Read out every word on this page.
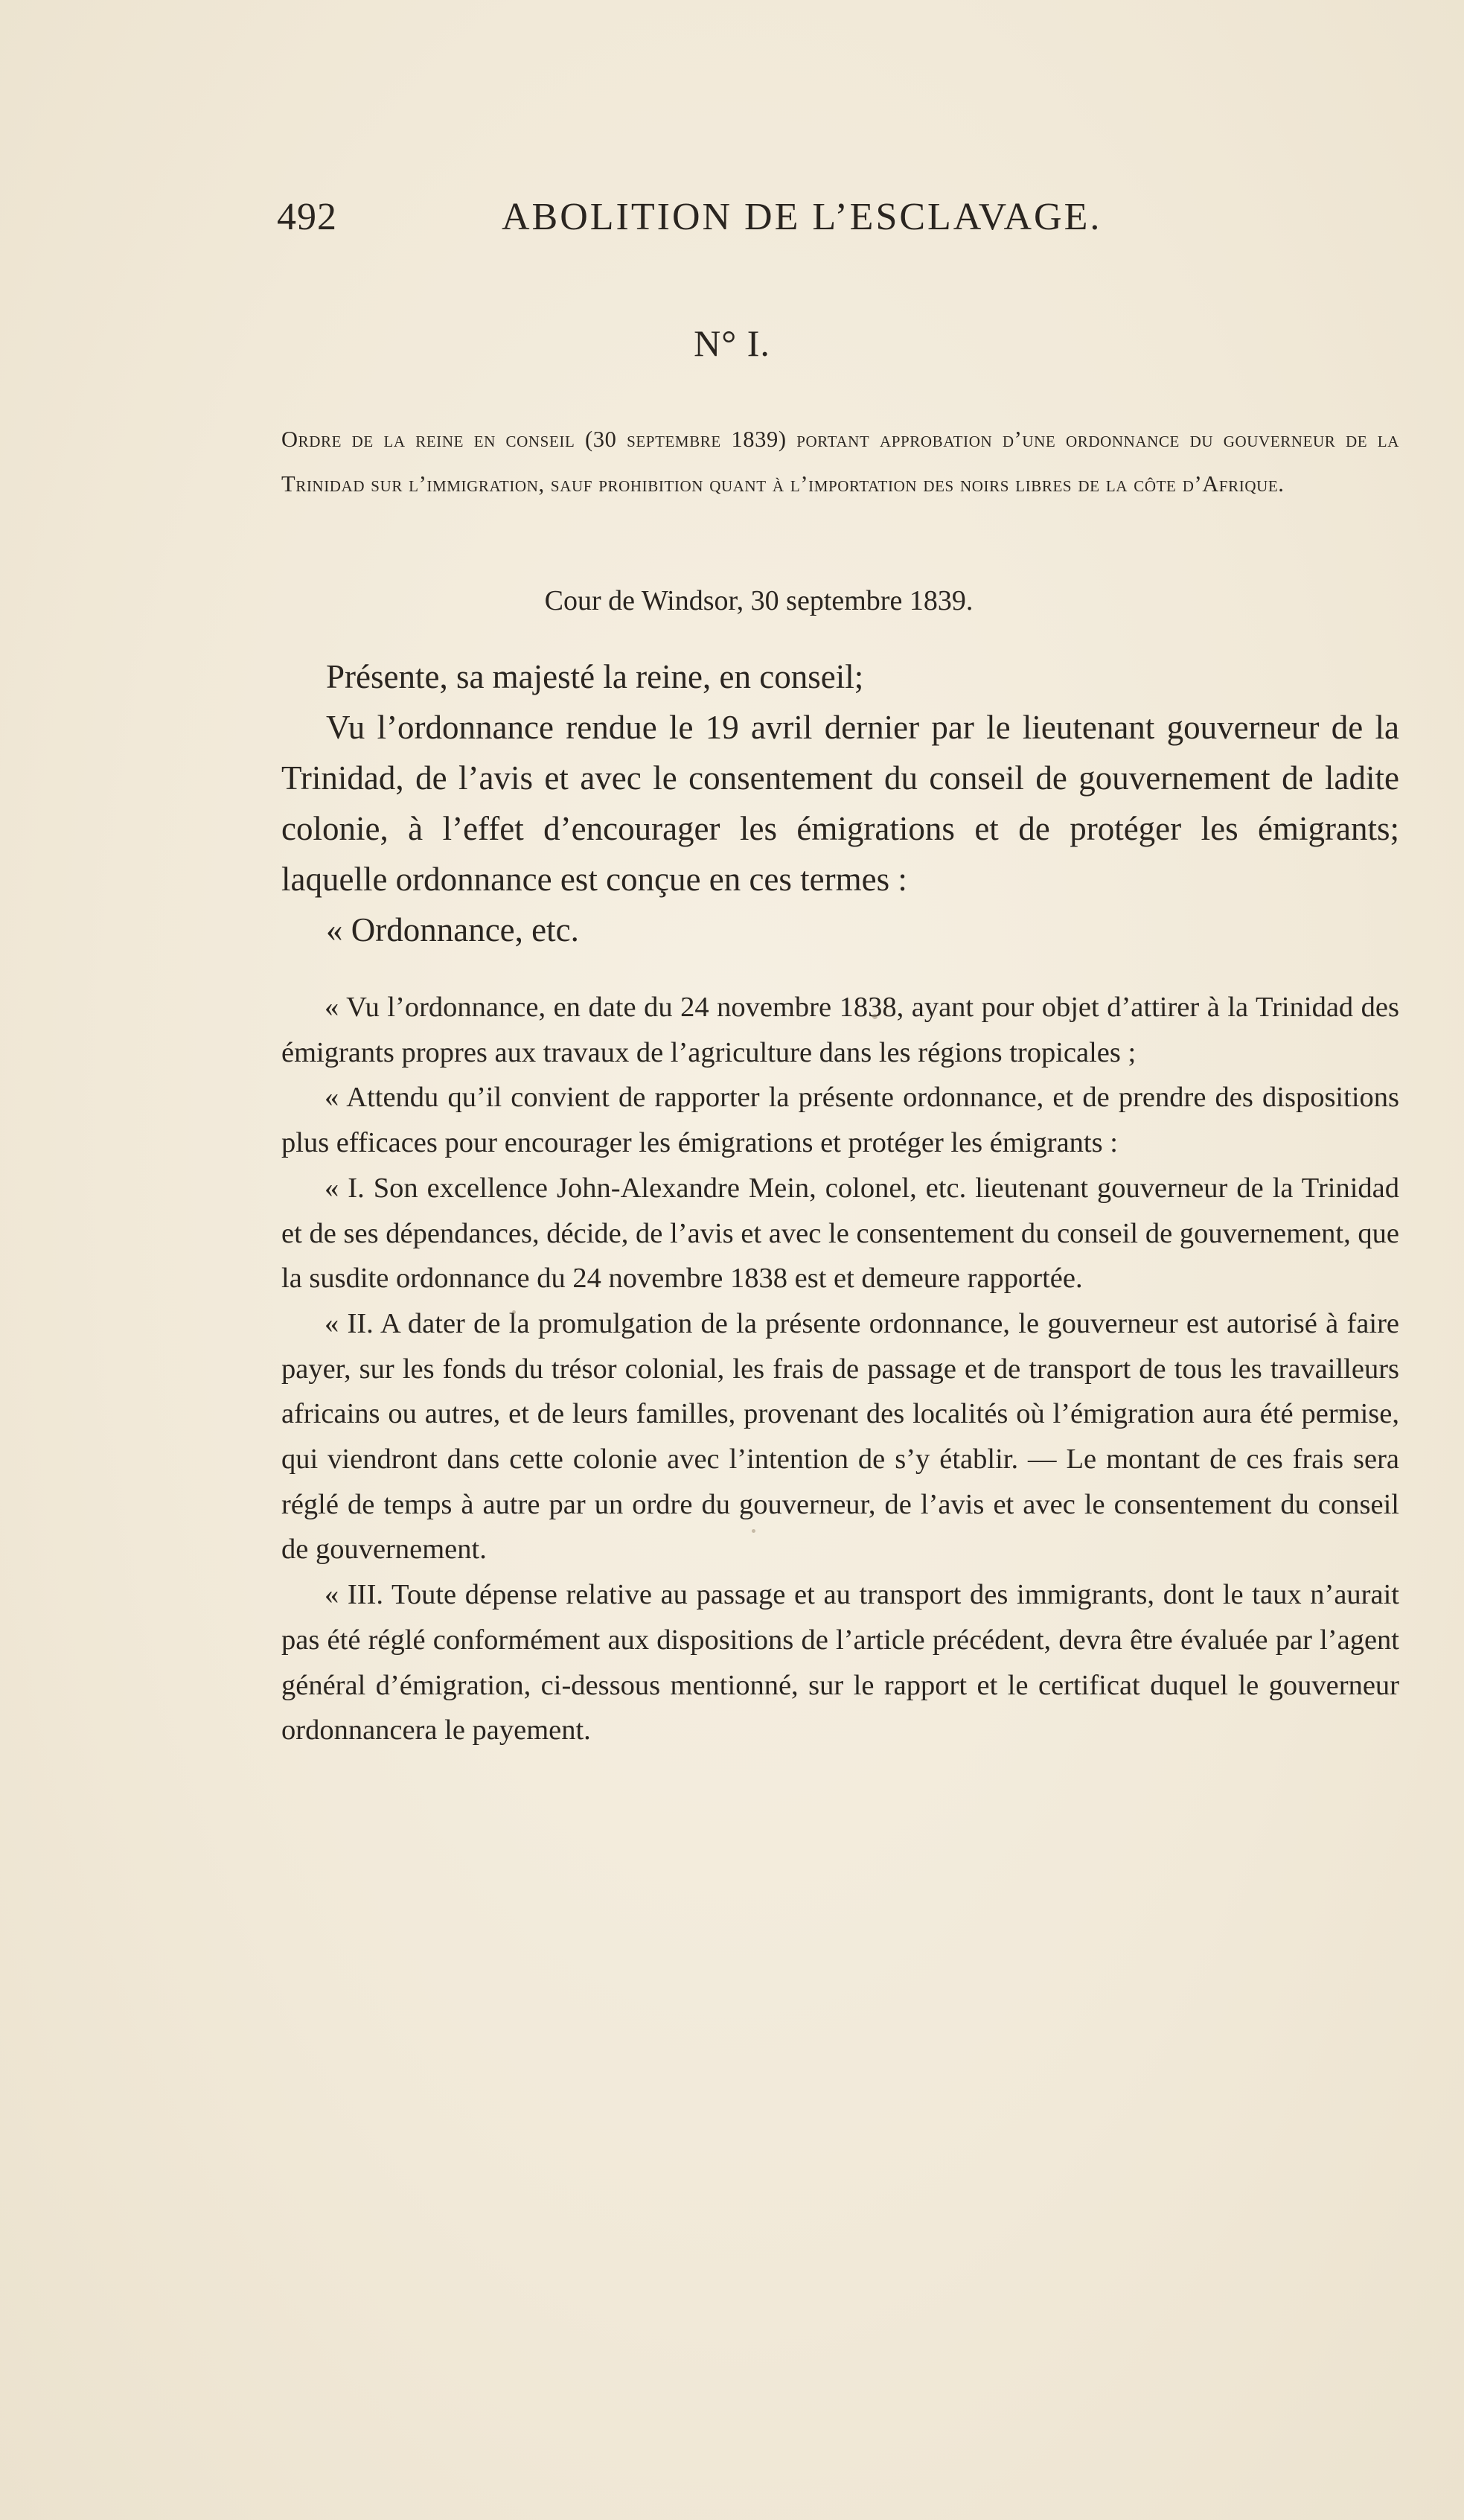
492	ABOLITION DE L’ESCLAVAGE.
N° I.
Ordre de la reine en conseil (30 septembre 1839) portant approbation d’une ordonnance du gouverneur de la Trinidad sur l’immigration, sauf prohibition quant à l’importation des noirs libres de la côte d’Afrique.
Cour de Windsor, 30 septembre 1839.

Présente, sa majesté la reine, en conseil;

Vu l’ordonnance rendue le 19 avril dernier par le lieutenant gouverneur de la Trinidad, de l’avis et avec le consentement du conseil de gouvernement de ladite colonie, à l’effet d’encourager les émigrations et de protéger les émigrants; laquelle ordonnance est conçue en ces termes :

« Ordonnance, etc.

« Vu l’ordonnance, en date du 24 novembre 1838, ayant pour objet d’attirer à la Trinidad des émigrants propres aux travaux de l’agriculture dans les régions tropicales ;

« Attendu qu’il convient de rapporter la présente ordonnance, et de prendre des dispositions plus efficaces pour encourager les émigrations et protéger les émigrants :

« I. Son excellence John-Alexandre Mein, colonel, etc. lieutenant gouverneur de la Trinidad et de ses dépendances, décide, de l’avis et avec le consentement du conseil de gouvernement, que la susdite ordonnance du 24 novembre 1838 est et demeure rapportée.

« II. A dater de la promulgation de la présente ordonnance, le gouverneur est autorisé à faire payer, sur les fonds du trésor colonial, les frais de passage et de transport de tous les travailleurs africains ou autres, et de leurs familles, provenant des localités où l’émigration aura été permise, qui viendront dans cette colonie avec l’intention de s’y établir. — Le montant de ces frais sera réglé de temps à autre par un ordre du gouverneur, de l’avis et avec le consentement du conseil de gouvernement.

« III. Toute dépense relative au passage et au transport des immigrants, dont le taux n’aurait pas été réglé conformément aux dispositions de l’article précédent, devra être évaluée par l’agent général d’émigration, ci-dessous mentionné, sur le rapport et le certificat duquel le gouverneur ordonnancera le payement.
